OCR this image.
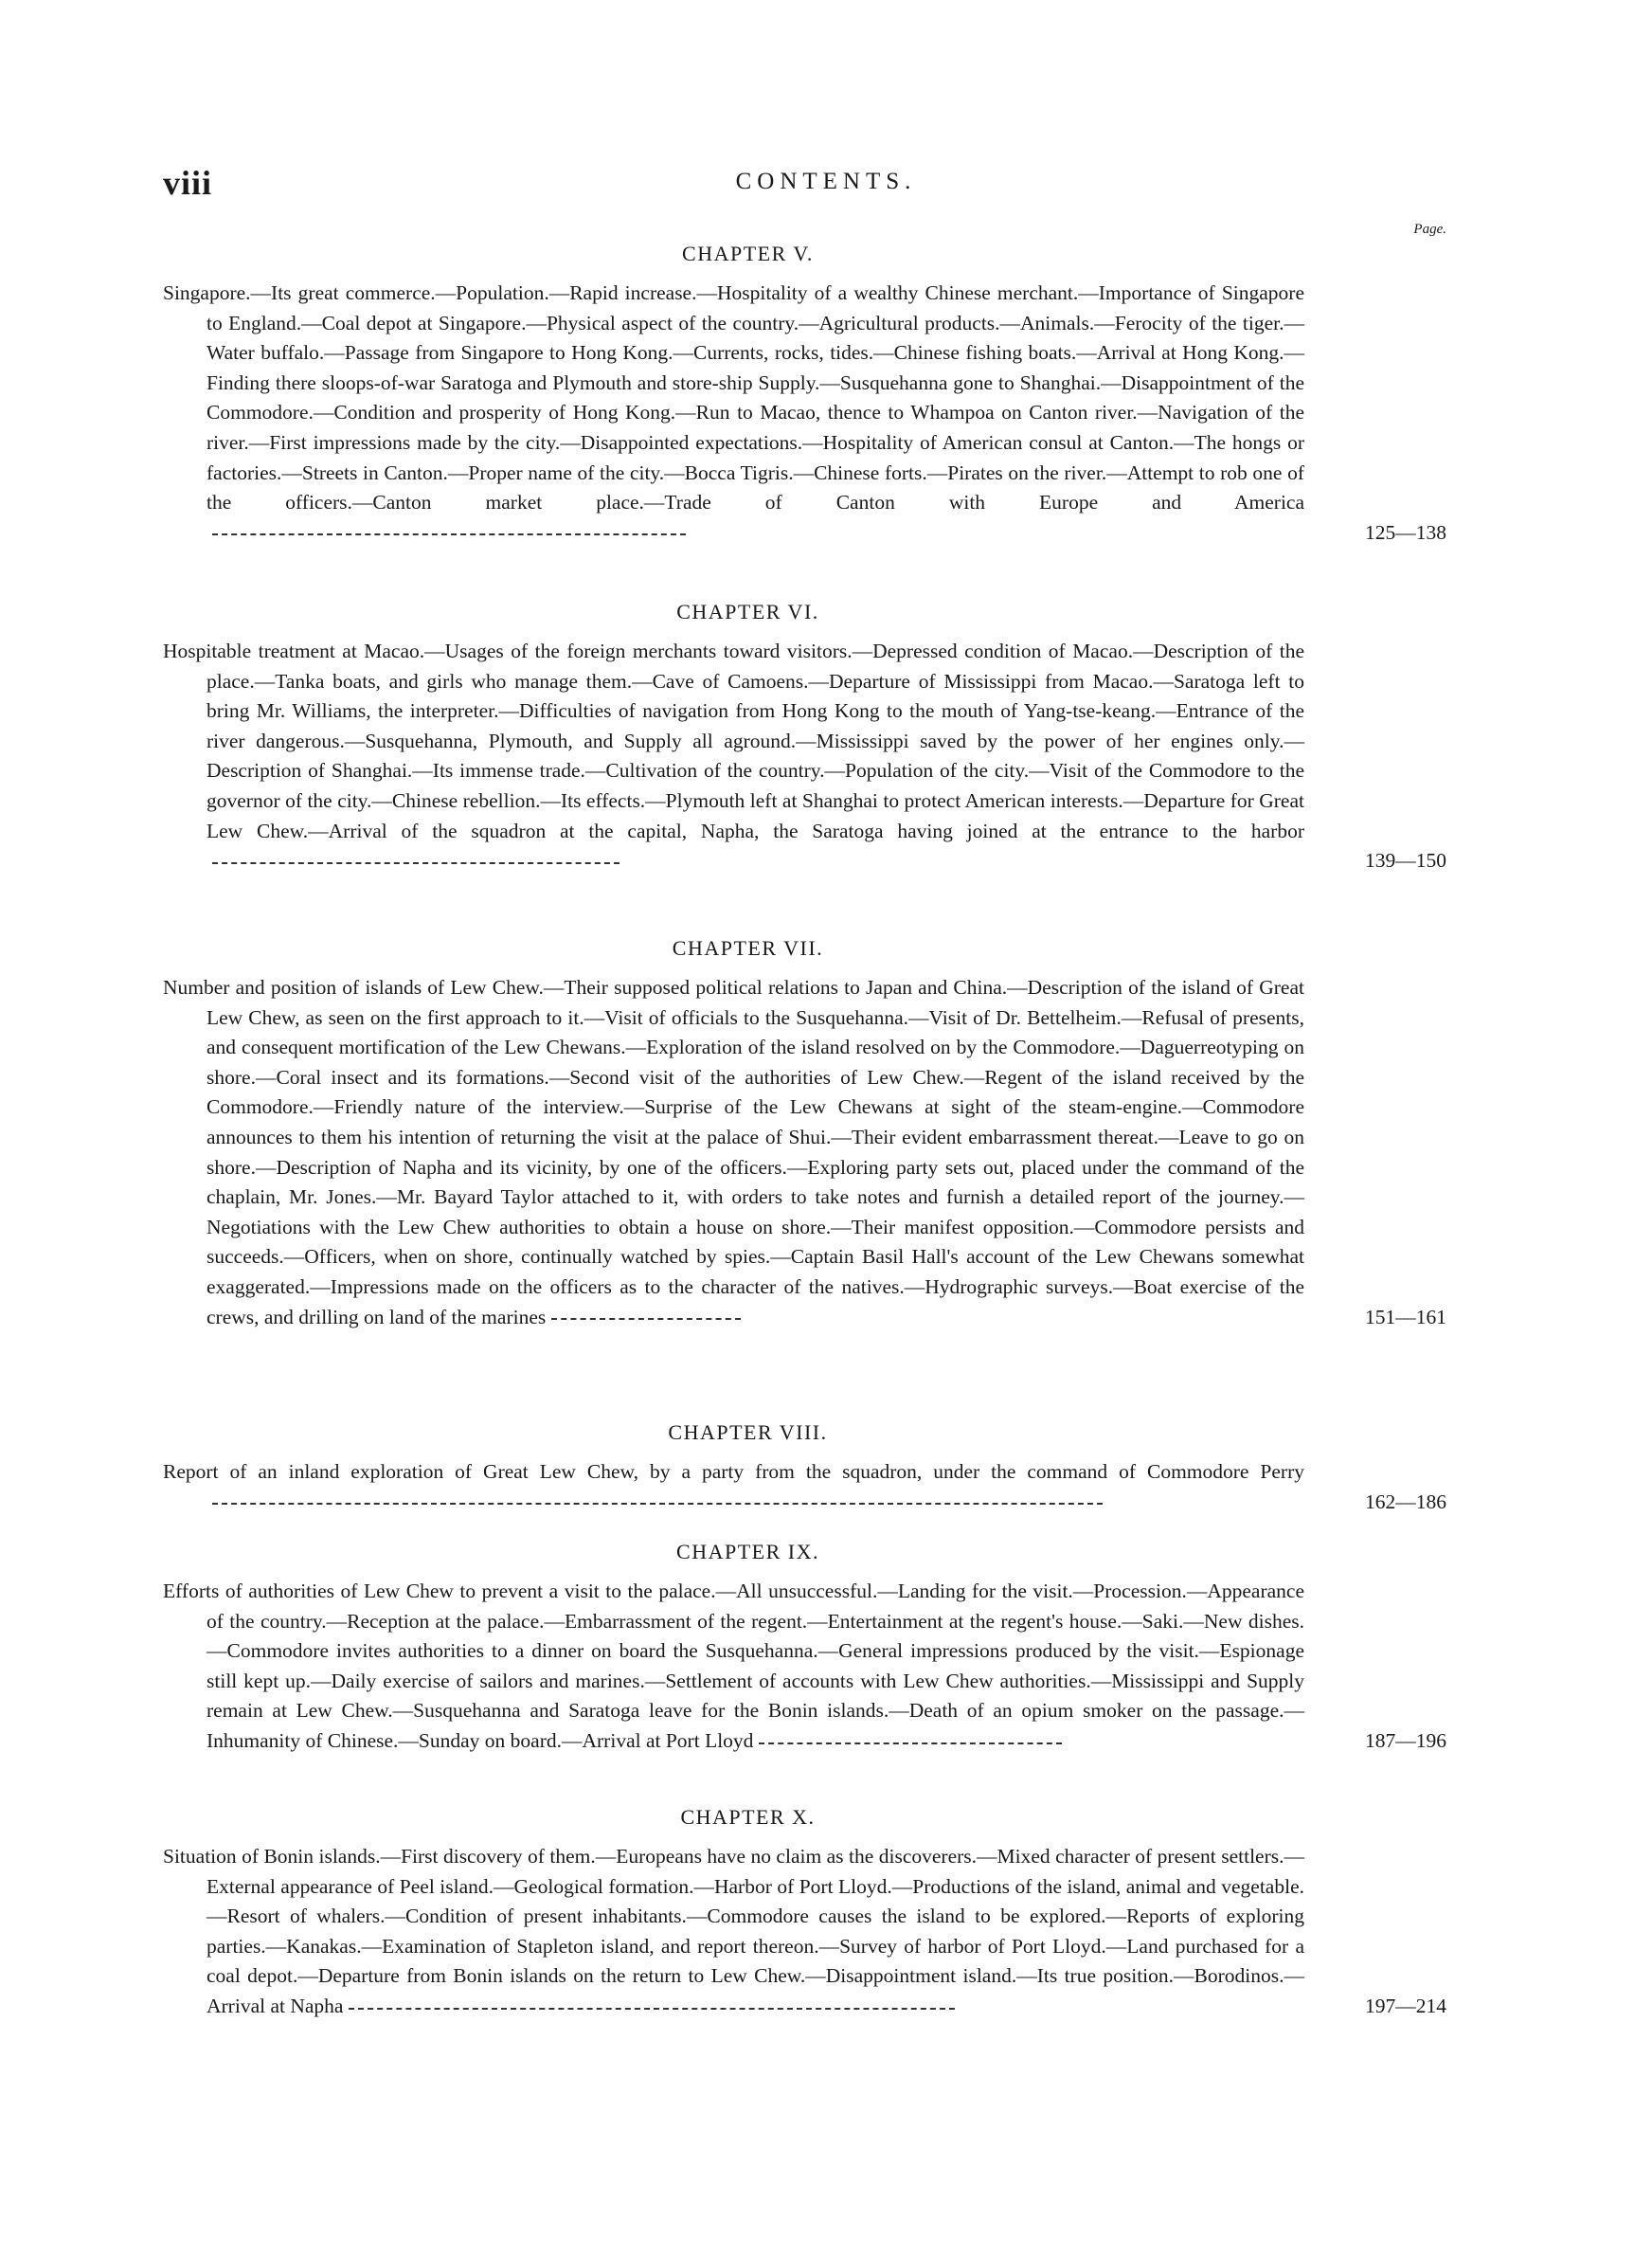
viii	CONTENTS.
Page.
CHAPTER V.

Singapore.—Its great commerce.—Population.—Rapid increase.—Hospitality of a wealthy Chinese merchant.—Importance of Singapore to England.—Coal depot at Singapore.—Physical aspect of the country.—Agricultural products.—Animals.—Ferocity of the tiger.—Water buffalo.—Passage from Singapore to Hong Kong.—Currents, rocks, tides.—Chinese fishing boats.—Arrival at Hong Kong.—Finding there sloops-of-war Saratoga and Plymouth and store-ship Supply.—Susquehanna gone to Shanghai.—Disappointment of the Commodore.—Condition and prosperity of Hong Kong.—Run to Macao, thence to Whampoa on Canton river.—Navigation of the river.—First impressions made by the city.—Disappointed expectations.—Hospitality of American consul at Canton.—The hongs or factories.—Streets in Canton.—Proper name of the city.—Bocca Tigris.—Chinese forts.—Pirates on the river.—Attempt to rob one of the officers.—Canton market place.—Trade of Canton with Europe and America

125—138
CHAPTER VI.

Hospitable treatment at Macao.—Usages of the foreign merchants toward visitors.—Depressed condition of Macao.—Description of the place.—Tanka boats, and girls who manage them.—Cave of Camoens.—Departure of Mississippi from Macao.—Saratoga left to bring Mr. Williams, the interpreter.—Difficulties of navigation from Hong Kong to the mouth of Yang-tse-keang.—Entrance of the river dangerous.—Susquehanna, Plymouth, and Supply all aground.—Mississippi saved by the power of her engines only.—Description of Shanghai.—Its immense trade.—Cultivation of the country.—Population of the city.—Visit of the Commodore to the governor of the city.—Chinese rebellion.—Its effects.—Plymouth left at Shanghai to protect American interests.—Departure for Great Lew Chew.—Arrival of the squadron at the capital, Napha, the Saratoga having joined at the entrance to the harbor

139—150
CHAPTER VII.

Number and position of islands of Lew Chew.—Their supposed political relations to Japan and China.—Description of the island of Great Lew Chew, as seen on the first approach to it.—Visit of officials to the Susquehanna.—Visit of Dr. Bettelheim.—Refusal of presents, and consequent mortification of the Lew Chewans.—Exploration of the island resolved on by the Commodore.—Daguerreotyping on shore.—Coral insect and its formations.—Second visit of the authorities of Lew Chew.—Regent of the island received by the Commodore.—Friendly nature of the interview.—Surprise of the Lew Chewans at sight of the steam-engine.—Commodore announces to them his intention of returning the visit at the palace of Shui.—Their evident embarrassment thereat.—Leave to go on shore.—Description of Napha and its vicinity, by one of the officers.—Exploring party sets out, placed under the command of the chaplain, Mr. Jones.—Mr. Bayard Taylor attached to it, with orders to take notes and furnish a detailed report of the journey.—Negotiations with the Lew Chew authorities to obtain a house on shore.—Their manifest opposition.—Commodore persists and succeeds.—Officers, when on shore, continually watched by spies.—Captain Basil Hall's account of the Lew Chewans somewhat exaggerated.—Impressions made on the officers as to the character of the natives.—Hydrographic surveys.—Boat exercise of the crews, and drilling on land of the marines	151—161
CHAPTER VIII.

Report of an inland exploration of Great Lew Chew, by a party from the squadron, under the command of Commodore Perry

162—186
CHAPTER IX.

Efforts of authorities of Lew Chew to prevent a visit to the palace.—All unsuccessful.—Landing for the visit.—Procession.—Appearance of the country.—Reception at the palace.—Embarrassment of the regent.—Entertainment at the regent's house.—Saki.—New dishes.—Commodore invites authorities to a dinner on board the Susquehanna.—General impressions produced by the visit.—Espionage still kept up.—Daily exercise of sailors and marines.—Settlement of accounts with Lew Chew authorities.—Mississippi and Supply remain at Lew Chew.—Susquehanna and Saratoga leave for the Bonin islands.—Death of an opium smoker on the passage.—Inhumanity of Chinese.—Sunday on board.—Arrival at Port Lloyd	187—196
CHAPTER X.

Situation of Bonin islands.—First discovery of them.—Europeans have no claim as the discoverers.—Mixed character of present settlers.—External appearance of Peel island.—Geological formation.—Harbor of Port Lloyd.—Productions of the island, animal and vegetable.—Resort of whalers.—Condition of present inhabitants.—Commodore causes the island to be explored.—Reports of exploring parties.—Kanakas.—Examination of Stapleton island, and report thereon.—Survey of harbor of Port Lloyd.—Land purchased for a coal depot.—Departure from Bonin islands on the return to Lew Chew.—Disappointment island.—Its true position.—Borodinos.—Arrival at Napha	197—214
